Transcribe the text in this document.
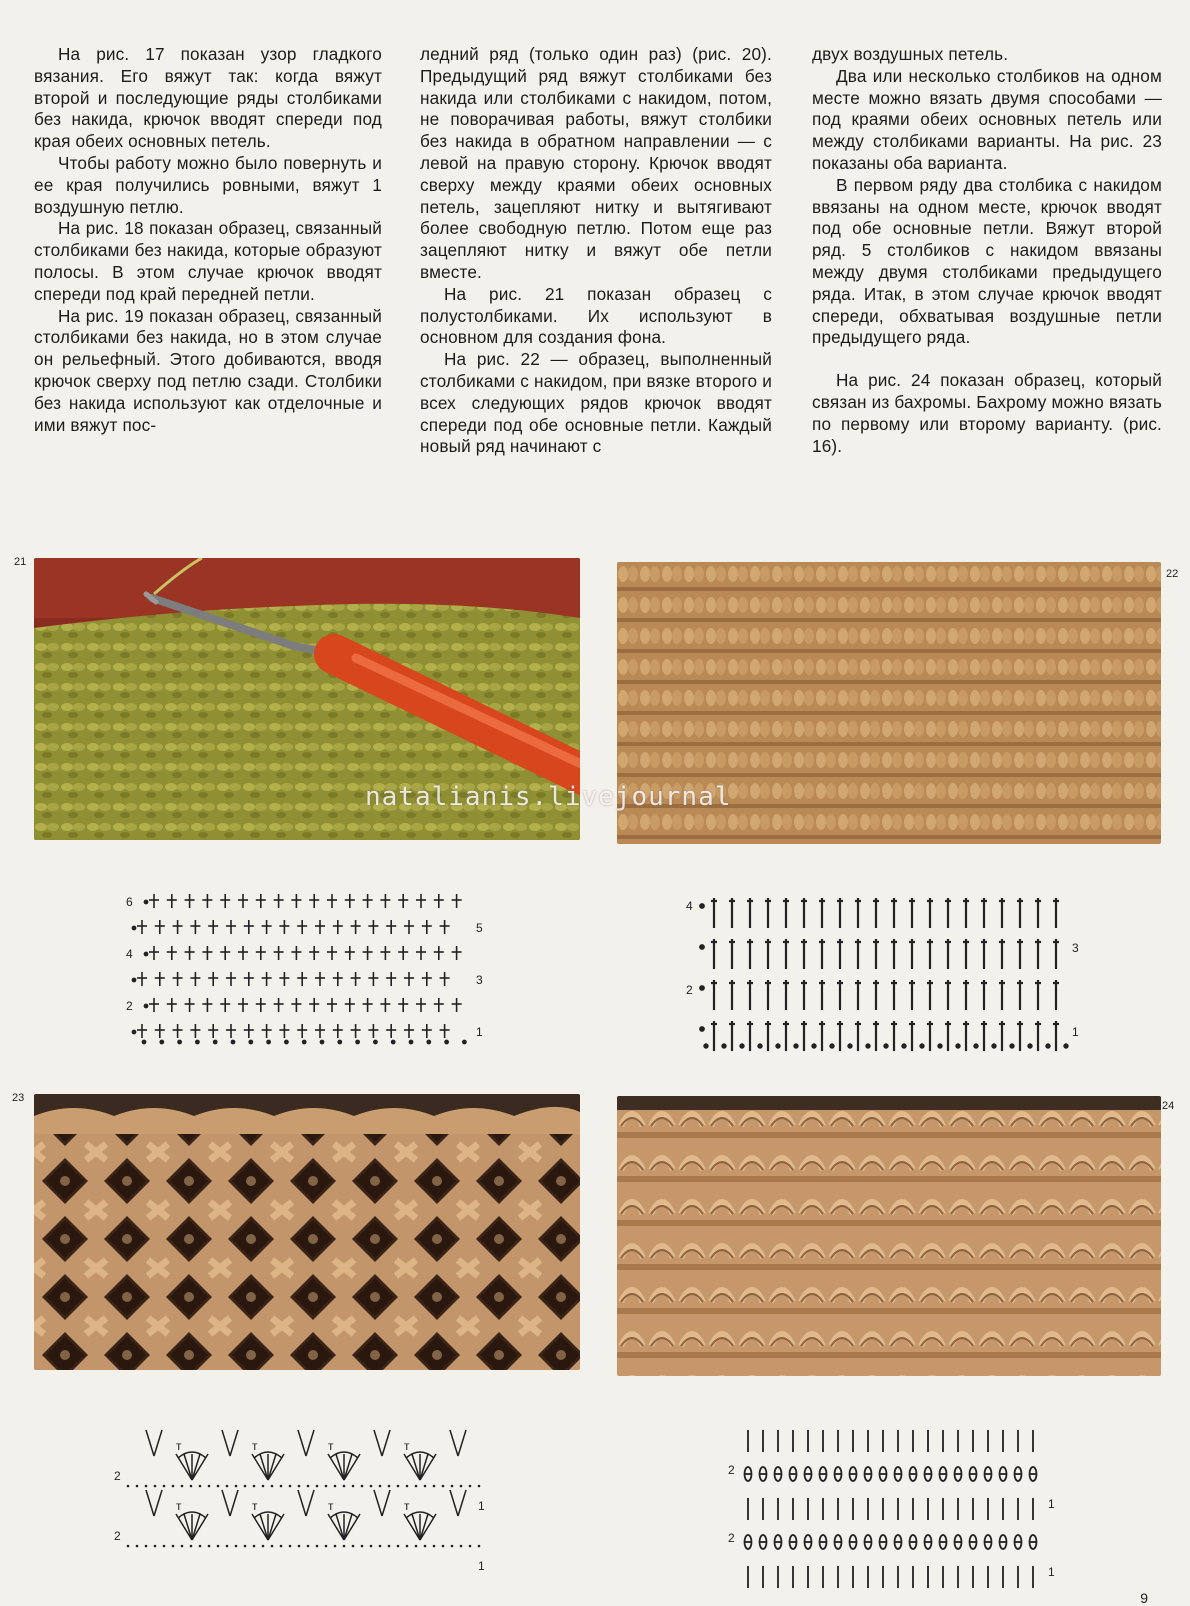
На рис. 17 показан узор гладкого вязания. Его вяжут так: когда вяжут второй и последующие ряды столбиками без накида, крючок вводят спереди под края обеих основных петель.

Чтобы работу можно было повернуть и ее края получились ровными, вяжут 1 воздушную петлю.

На рис. 18 показан образец, связанный столбиками без накида, которые образуют полосы. В этом случае крючок вводят спереди под край передней петли.

На рис. 19 показан образец, связанный столбиками без накида, но в этом случае он рельефный. Этого добиваются, вводя крючок сверху под петлю сзади. Столбики без накида используют как отделочные и ими вяжут пос-

ледний ряд (только один раз) (рис. 20). Предыдущий ряд вяжут столбиками без накида или столбиками с накидом, потом, не поворачивая работы, вяжут столбики без накида в обратном направлении — с левой на правую сторону. Крючок вводят сверху между краями обеих основных петель, зацепляют нитку и вытягивают более свободную петлю. Потом еще раз зацепляют нитку и вяжут обе петли вместе.

На рис. 21 показан образец с полустолбиками. Их используют в основном для создания фона.

На рис. 22 — образец, выполненный столбиками с накидом, при вязке второго и всех следующих рядов крючок вводят спереди под обе основные петли. Каждый новый ряд начинают с

двух воздушных петель.

Два или несколько столбиков на одном месте можно вязать двумя способами — под краями обеих основных петель или между столбиками варианты. На рис. 23 показаны оба варианта.

В первом ряду два столбика с накидом ввязаны на одном месте, крючок вводят под обе основные петли. Вяжут второй ряд. 5 столбиков с накидом ввязаны между двумя столбиками предыдущего ряда. Итак, в этом случае крючок вводят спереди, обхватывая воздушные петли предыдущего ряда.

На рис. 24 показан образец, который связан из бахромы. Бахрому можно вязать по первому или второму варианту. (рис. 16).

21
22
23
24
natalianis.livejournal
6
4
2
5
3
1
4
2
3
1
2
2
1
1
т	т	т	т
т	т	т	т
2
2
1
1
9
